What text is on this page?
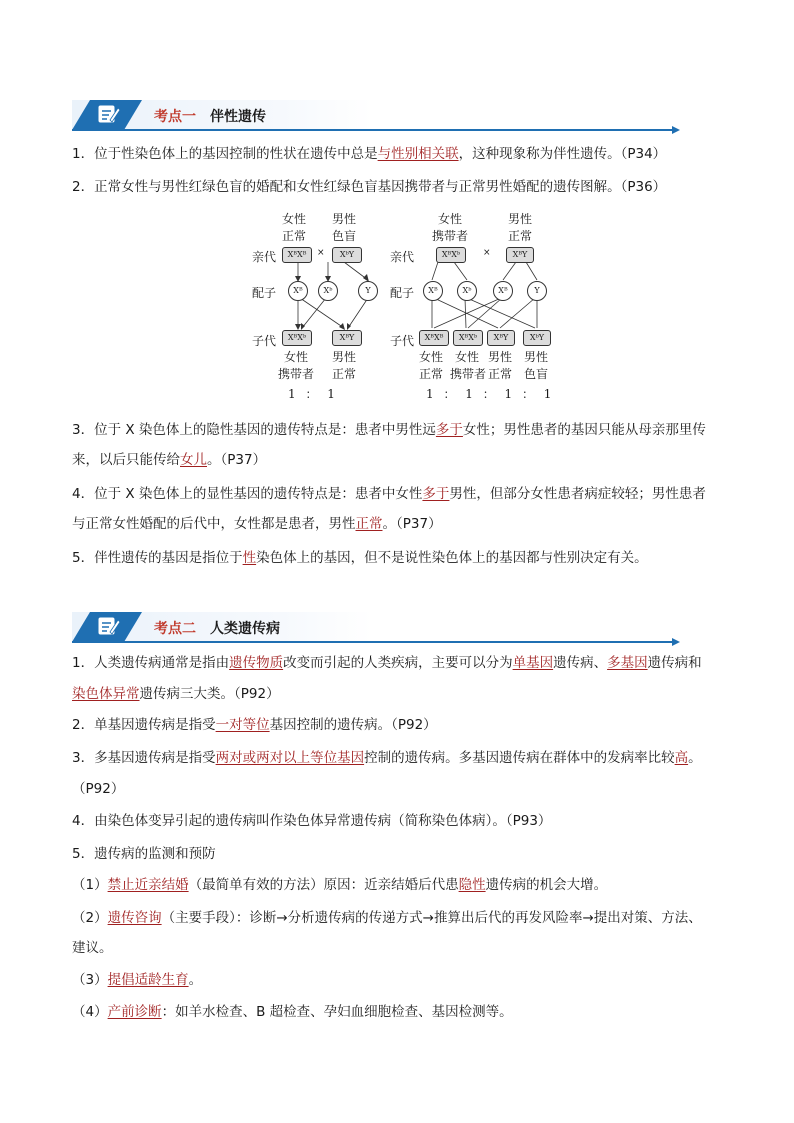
考点一 伴性遗传
1．位于性染色体上的基因控制的性状在遗传中总是与性别相关联，这种现象称为伴性遗传。（P34）
2．正常女性与男性红绿色盲的婚配和女性红绿色盲基因携带者与正常男性婚配的遗传图解。（P36）
女性
正常
男性
色盲
亲代	XᴮXᴮ	×	XᵇY
配子	Xᴮ	Xᵇ	Y
子代	XᴮXᵇ	XᴮY
女性
携带者
男性
正常
1 ： 1
女性
携带者
男性
正常
亲代	XᴮXᵇ	×	XᴮY
配子	Xᴮ	Xᵇ	Xᴮ	Y
子代	XᴮXᴮ	XᴮXᵇ	XᴮY	XᵇY
女性
正常
女性
携带者
男性
正常
男性
色盲
1 ： 1 ： 1 ： 1
3．位于 X 染色体上的隐性基因的遗传特点是：患者中男性远多于女性；男性患者的基因只能从母亲那里传
来，以后只能传给女儿。（P37）
4．位于 X 染色体上的显性基因的遗传特点是：患者中女性多于男性，但部分女性患者病症较轻；男性患者
与正常女性婚配的后代中，女性都是患者，男性正常。（P37）
5．伴性遗传的基因是指位于性染色体上的基因，但不是说性染色体上的基因都与性别决定有关。
考点二 人类遗传病
1．人类遗传病通常是指由遗传物质改变而引起的人类疾病，主要可以分为单基因遗传病、多基因遗传病和
染色体异常遗传病三大类。（P92）
2．单基因遗传病是指受一对等位基因控制的遗传病。（P92）
3．多基因遗传病是指受两对或两对以上等位基因控制的遗传病。多基因遗传病在群体中的发病率比较高。
（P92）
4．由染色体变异引起的遗传病叫作染色体异常遗传病（简称染色体病）。（P93）
5．遗传病的监测和预防
（1）禁止近亲结婚（最简单有效的方法）原因：近亲结婚后代患隐性遗传病的机会大增。
（2）遗传咨询（主要手段）：诊断→分析遗传病的传递方式→推算出后代的再发风险率→提出对策、方法、
建议。
（3）提倡适龄生育。
（4）产前诊断：如羊水检查、B 超检查、孕妇血细胞检查、基因检测等。
